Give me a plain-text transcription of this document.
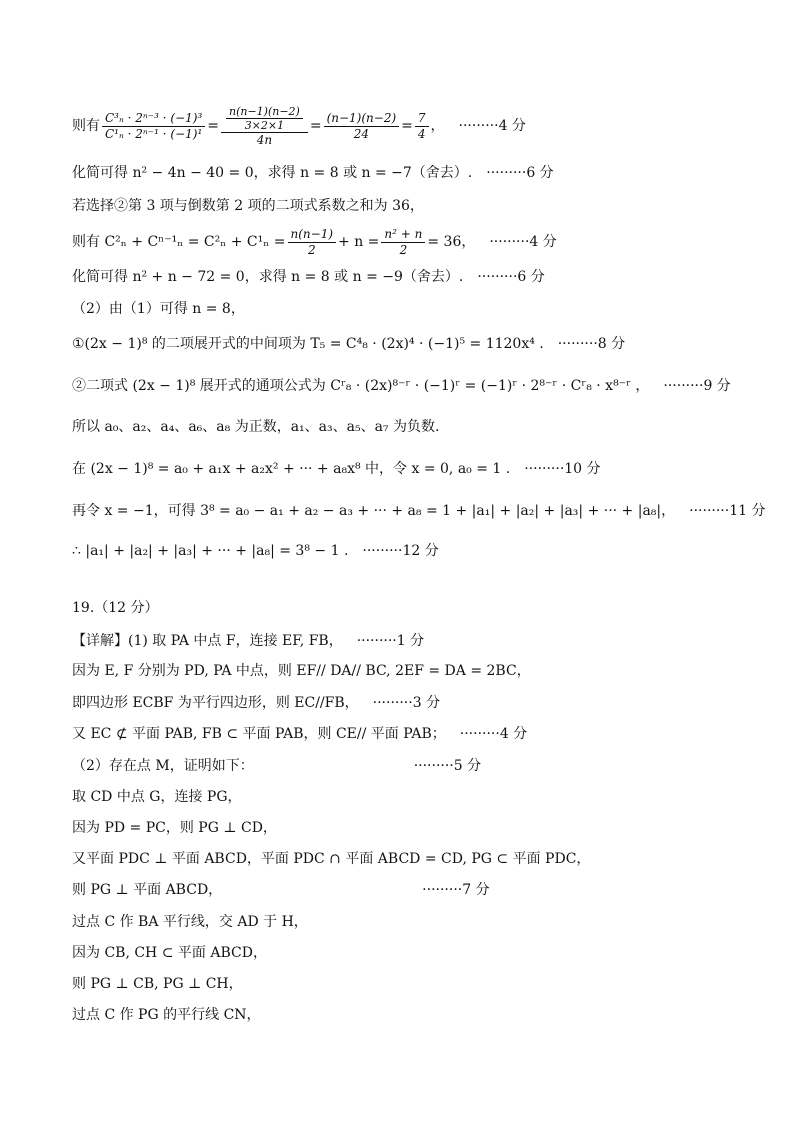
则有 $\frac{\text{C³ₙ · 2ⁿ⁻³ · (−1)³}}{\text{C¹ₙ · 2ⁿ⁻¹ · (−1)¹}} = \frac{\frac{n(n-1)(n-2)}{3\times 2\times 1}}{4n} = \frac{(n-1)(n-2)}{24} = \frac{7}{4}$ ， ·········4 分
化简可得 n² − 4n − 40 = 0，求得 n = 8 或 n = −7（舍去）. ·········6 分
若选择②第 3 项与倒数第 2 项的二项式系数之和为 36，
则有 $C^2_n + C^{n-1}_n = C^2_n + C^1_n = \frac{n(n-1)}{2} + n = \frac{\text{n² + n}}{2} = 36$， ·········4 分
化简可得 n² + n − 72 = 0，求得 n = 8 或 n = −9（舍去）. ·········6 分
（2）由（1）可得 n = 8，
①(2x − 1)⁸ 的二项展开式的中间项为 T₅ = C⁴₈ · (2x)⁴ · (−1)⁵ = 1120x⁴ . ·········8 分
②二项式 (2x − 1)⁸ 展开式的通项公式为 Cʳ₈ · (2x)⁸⁻ʳ · (−1)ʳ = (−1)ʳ · 2⁸⁻ʳ · Cʳ₈ · x⁸⁻ʳ ， ·········9 分
所以 a₀、a₂、a₄、a₆、a₈ 为正数，a₁、a₃、a₅、a₇ 为负数.
在 (2x − 1)⁸ = a₀ + a₁x + a₂x² + ··· + a₈x⁸ 中，令 x = 0, a₀ = 1 . ·········10 分
再令 x = −1，可得 3⁸ = a₀ − a₁ + a₂ − a₃ + ··· + a₈ = 1 + |a₁| + |a₂| + |a₃| + ··· + |a₈|， ·········11 分
∴ |a₁| + |a₂| + |a₃| + ··· + |a₈| = 3⁸ − 1 . ·········12 分
19.（12 分）
【详解】(1) 取 PA 中点 F，连接 EF, FB， ·········1 分
因为 E, F 分别为 PD, PA 中点，则 EF// DA// BC, 2EF = DA = 2BC，
即四边形 ECBF 为平行四边形，则 EC//FB， ·········3 分
又 EC ⊄ 平面 PAB, FB ⊂ 平面 PAB，则 CE// 平面 PAB； ·········4 分
（2）存在点 M，证明如下：	·········5 分
取 CD 中点 G，连接 PG，
因为 PD = PC，则 PG ⊥ CD，
又平面 PDC ⊥ 平面 ABCD，平面 PDC ∩ 平面 ABCD = CD, PG ⊂ 平面 PDC，
则 PG ⊥ 平面 ABCD，	·········7 分
过点 C 作 BA 平行线，交 AD 于 H，
因为 CB, CH ⊂ 平面 ABCD，
则 PG ⊥ CB, PG ⊥ CH，
过点 C 作 PG 的平行线 CN，
